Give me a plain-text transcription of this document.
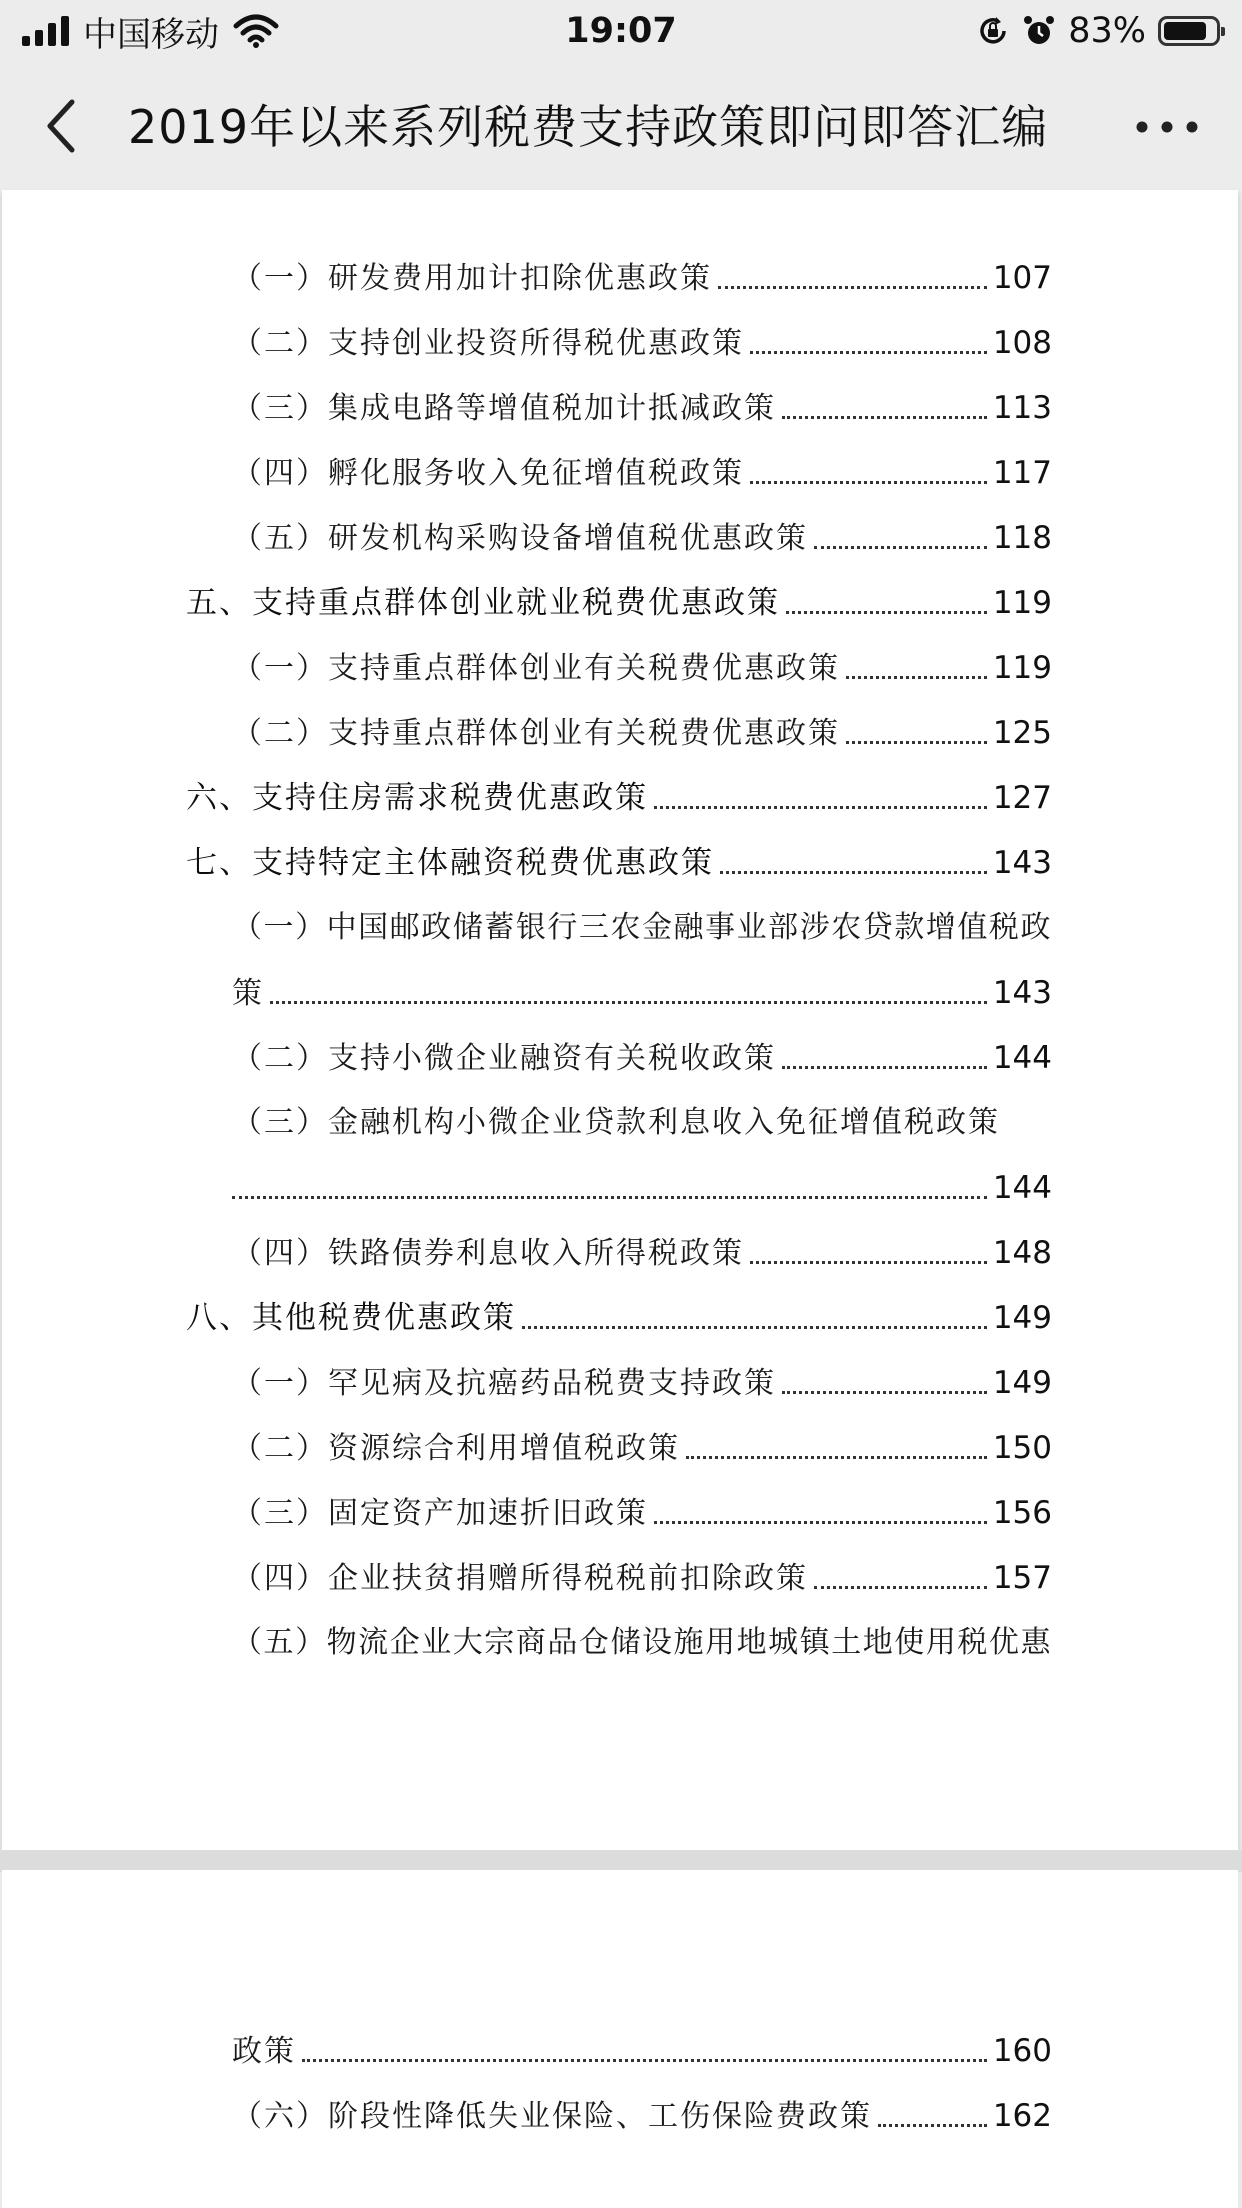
中国移动	19:07	83%
2019年以来系列税费支持政策即问即答汇编
（一）研发费用加计扣除优惠政策	107
（二）支持创业投资所得税优惠政策	108
（三）集成电路等增值税加计抵减政策	113
（四）孵化服务收入免征增值税政策	117
（五）研发机构采购设备增值税优惠政策	118
五、支持重点群体创业就业税费优惠政策	119
（一）支持重点群体创业有关税费优惠政策	119
（二）支持重点群体创业有关税费优惠政策	125
六、支持住房需求税费优惠政策	127
七、支持特定主体融资税费优惠政策	143
（一）中国邮政储蓄银行三农金融事业部涉农贷款增值税政
策	143
（二）支持小微企业融资有关税收政策	144
（三）金融机构小微企业贷款利息收入免征增值税政策
144
（四）铁路债券利息收入所得税政策	148
八、其他税费优惠政策	149
（一）罕见病及抗癌药品税费支持政策	149
（二）资源综合利用增值税政策	150
（三）固定资产加速折旧政策	156
（四）企业扶贫捐赠所得税税前扣除政策	157
（五）物流企业大宗商品仓储设施用地城镇土地使用税优惠
政策	160
（六）阶段性降低失业保险、工伤保险费政策	162
